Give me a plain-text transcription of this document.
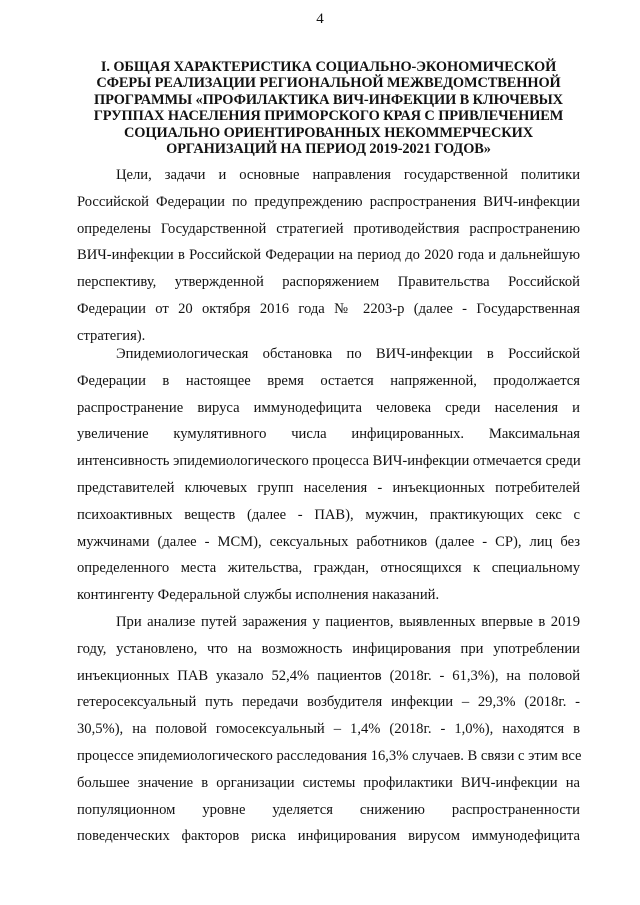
4
I. ОБЩАЯ ХАРАКТЕРИСТИКА СОЦИАЛЬНО-ЭКОНОМИЧЕСКОЙ
СФЕРЫ РЕАЛИЗАЦИИ РЕГИОНАЛЬНОЙ МЕЖВЕДОМСТВЕННОЙ
ПРОГРАММЫ «ПРОФИЛАКТИКА ВИЧ-ИНФЕКЦИИ В КЛЮЧЕВЫХ
ГРУППАХ НАСЕЛЕНИЯ ПРИМОРСКОГО КРАЯ С ПРИВЛЕЧЕНИЕМ
СОЦИАЛЬНО ОРИЕНТИРОВАННЫХ НЕКОММЕРЧЕСКИХ
ОРГАНИЗАЦИЙ НА ПЕРИОД 2019-2021 ГОДОВ»
Цели, задачи и основные направления государственной политики
Российской Федерации по предупреждению распространения ВИЧ-инфекции
определены Государственной стратегией противодействия распространению
ВИЧ-инфекции в Российской Федерации на период до 2020 года и дальнейшую
перспективу, утвержденной распоряжением Правительства Российской
Федерации от 20 октября 2016 года № 2203-р (далее - Государственная
стратегия).
Эпидемиологическая обстановка по ВИЧ-инфекции в Российской
Федерации в настоящее время остается напряженной, продолжается
распространение вируса иммунодефицита человека среди населения и
увеличение кумулятивного числа инфицированных. Максимальная
интенсивность эпидемиологического процесса ВИЧ-инфекции отмечается среди
представителей ключевых групп населения - инъекционных потребителей
психоактивных веществ (далее - ПАВ), мужчин, практикующих секс с
мужчинами (далее - МСМ), сексуальных работников (далее - СР), лиц без
определенного места жительства, граждан, относящихся к специальному
контингенту Федеральной службы исполнения наказаний.
При анализе путей заражения у пациентов, выявленных впервые в 2019
году, установлено, что на возможность инфицирования при употреблении
инъекционных ПАВ указало 52,4% пациентов (2018г. - 61,3%), на половой
гетеросексуальный путь передачи возбудителя инфекции – 29,3% (2018г. -
30,5%), на половой гомосексуальный – 1,4% (2018г. - 1,0%), находятся в
процессе эпидемиологического расследования 16,3% случаев. В связи с этим все
большее значение в организации системы профилактики ВИЧ-инфекции на
популяционном уровне уделяется снижению распространенности
поведенческих факторов риска инфицирования вирусом иммунодефицита
